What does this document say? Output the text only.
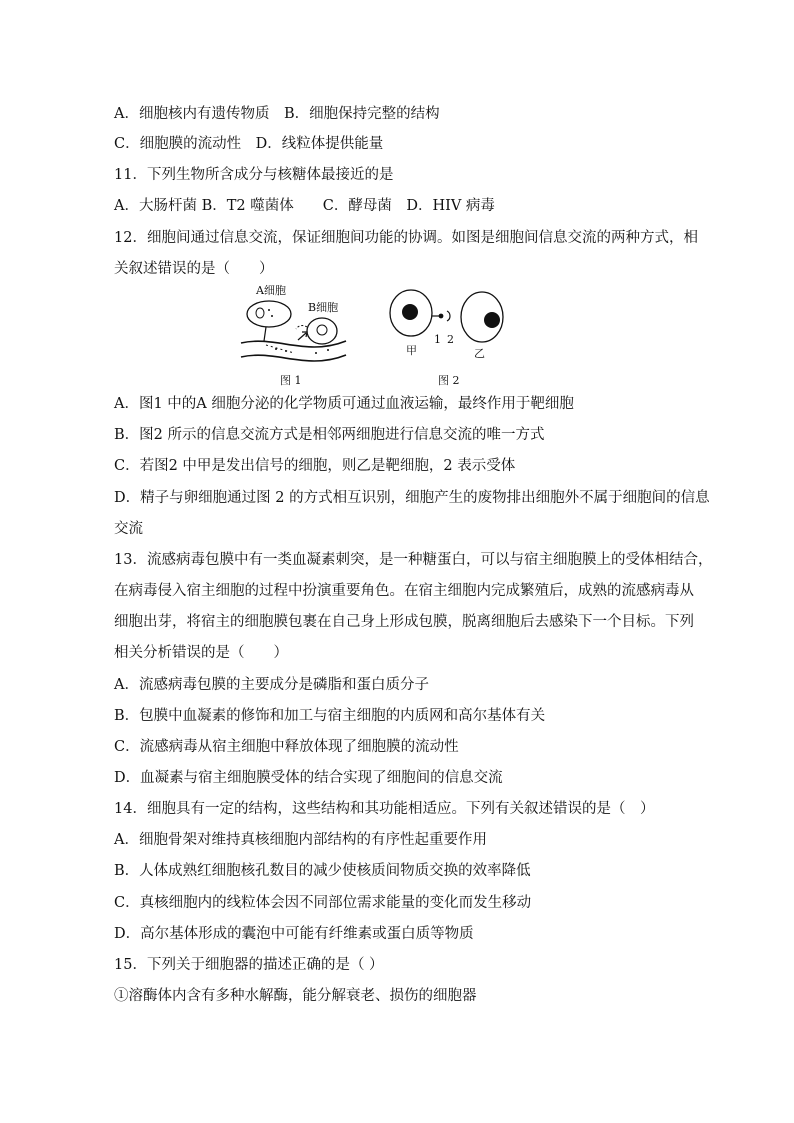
A．细胞核内有遗传物质　B．细胞保持完整的结构
C．细胞膜的流动性　D．线粒体提供能量
11．下列生物所含成分与核糖体最接近的是
A．大肠杆菌 B．T2 噬菌体　　C．酵母菌　D．HIV 病毒
12．细胞间通过信息交流，保证细胞间功能的协调。如图是细胞间信息交流的两种方式，相
关叙述错误的是（　　）
A细胞
B细胞
图 1
1 2
甲	乙
图 2
A．图1 中的A 细胞分泌的化学物质可通过血液运输，最终作用于靶细胞
B．图2 所示的信息交流方式是相邻两细胞进行信息交流的唯一方式
C．若图2 中甲是发出信号的细胞，则乙是靶细胞，2 表示受体
D．精子与卵细胞通过图 2 的方式相互识别，细胞产生的废物排出细胞外不属于细胞间的信息
交流
13．流感病毒包膜中有一类血凝素刺突，是一种糖蛋白，可以与宿主细胞膜上的受体相结合，
在病毒侵入宿主细胞的过程中扮演重要角色。在宿主细胞内完成繁殖后，成熟的流感病毒从
细胞出芽，将宿主的细胞膜包裹在自己身上形成包膜，脱离细胞后去感染下一个目标。下列
相关分析错误的是（　　）
A．流感病毒包膜的主要成分是磷脂和蛋白质分子
B．包膜中血凝素的修饰和加工与宿主细胞的内质网和高尔基体有关
C．流感病毒从宿主细胞中释放体现了细胞膜的流动性
D．血凝素与宿主细胞膜受体的结合实现了细胞间的信息交流
14．细胞具有一定的结构，这些结构和其功能相适应。下列有关叙述错误的是（　）
A．细胞骨架对维持真核细胞内部结构的有序性起重要作用
B．人体成熟红细胞核孔数目的减少使核质间物质交换的效率降低
C．真核细胞内的线粒体会因不同部位需求能量的变化而发生移动
D．高尔基体形成的囊泡中可能有纤维素或蛋白质等物质
15．下列关于细胞器的描述正确的是（ ）
①溶酶体内含有多种水解酶，能分解衰老、损伤的细胞器
